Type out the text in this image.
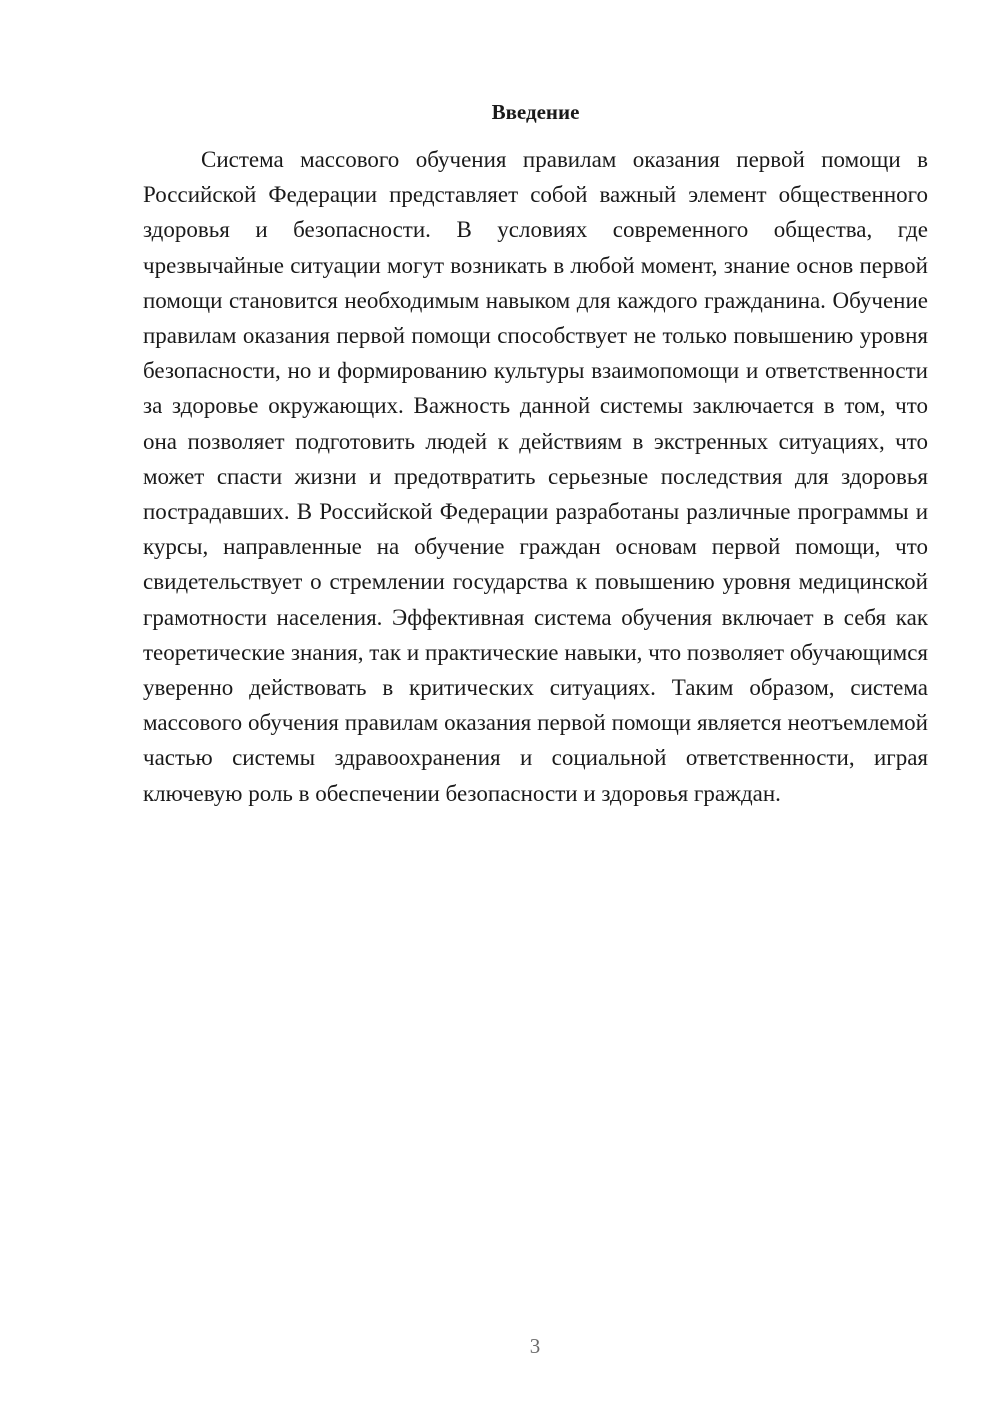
Введение

Система массового обучения правилам оказания первой помощи в Российской Федерации представляет собой важный элемент общественного здоровья и безопасности. В условиях современного общества, где чрезвычайные ситуации могут возникать в любой момент, знание основ первой помощи становится необходимым навыком для каждого гражданина. Обучение правилам оказания первой помощи способствует не только повышению уровня безопасности, но и формированию культуры взаимопомощи и ответственности за здоровье окружающих. Важность данной системы заключается в том, что она позволяет подготовить людей к действиям в экстренных ситуациях, что может спасти жизни и предотвратить серьезные последствия для здоровья пострадавших. В Российской Федерации разработаны различные программы и курсы, направленные на обучение граждан основам первой помощи, что свидетельствует о стремлении государства к повышению уровня медицинской грамотности населения. Эффективная система обучения включает в себя как теоретические знания, так и практические навыки, что позволяет обучающимся уверенно действовать в критических ситуациях. Таким образом, система массового обучения правилам оказания первой помощи является неотъемлемой частью системы здравоохранения и социальной ответственности, играя ключевую роль в обеспечении безопасности и здоровья граждан.

3
